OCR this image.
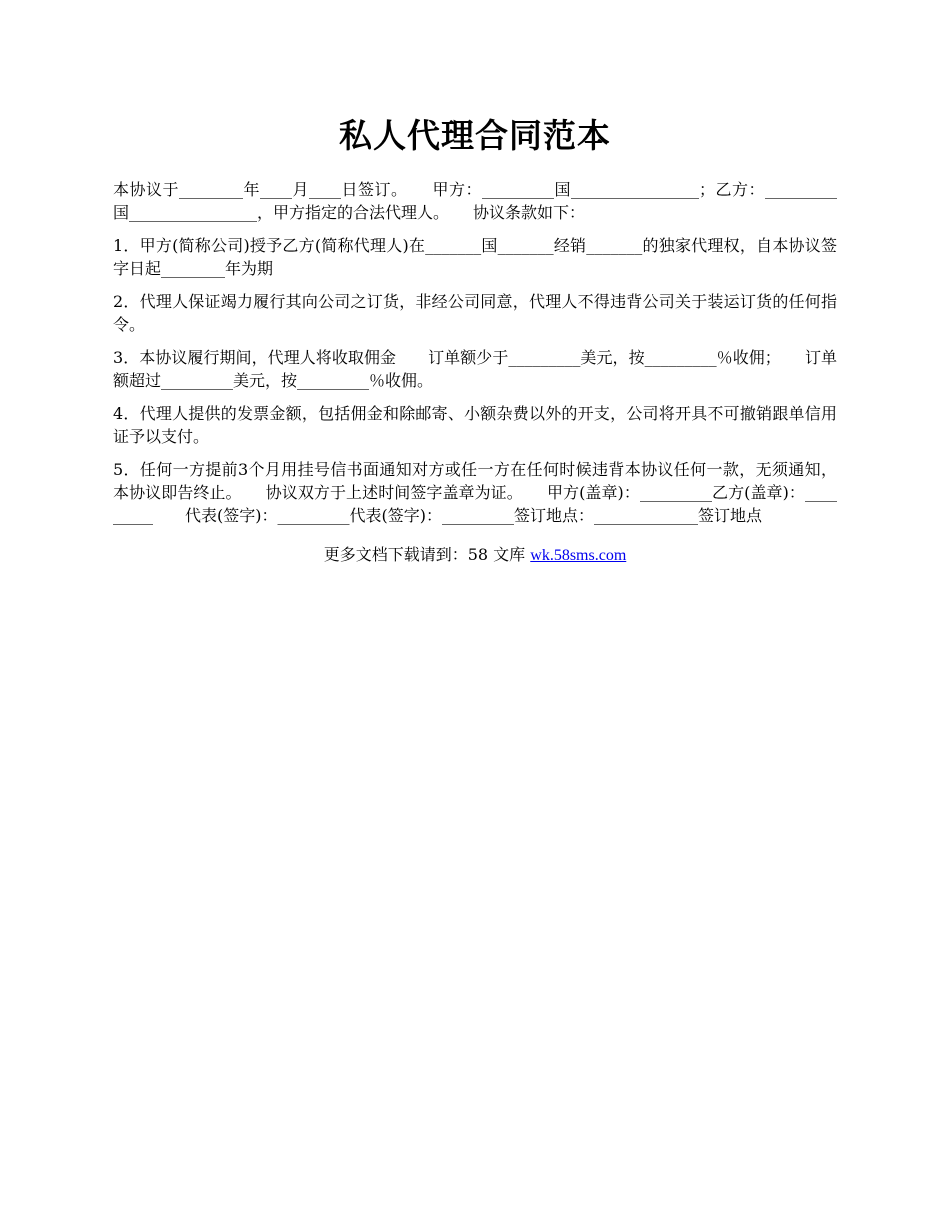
私人代理合同范本

本协议于________年____月____日签订。　　甲方：_________国________________；乙方：_________国________________，甲方指定的合法代理人。　　协议条款如下：

1．甲方(简称公司)授予乙方(简称代理人)在_______国_______经销_______的独家代理权，自本协议签字日起________年为期

2．代理人保证竭力履行其向公司之订货，非经公司同意，代理人不得违背公司关于装运订货的任何指令。

3．本协议履行期间，代理人将收取佣金　　订单额少于_________美元，按_________％收佣；　　订单额超过_________美元，按_________％收佣。

4．代理人提供的发票金额，包括佣金和除邮寄、小额杂费以外的开支，公司将开具不可撤销跟单信用证予以支付。

5．任何一方提前3个月用挂号信书面通知对方或任一方在任何时候违背本协议任何一款，无须通知，本协议即告终止。　　协议双方于上述时间签字盖章为证。　　甲方(盖章)：_________乙方(盖章)：_________　　代表(签字)：_________代表(签字)：_________签订地点：_____________签订地点

更多文档下载请到：58 文库 wk.58sms.com
